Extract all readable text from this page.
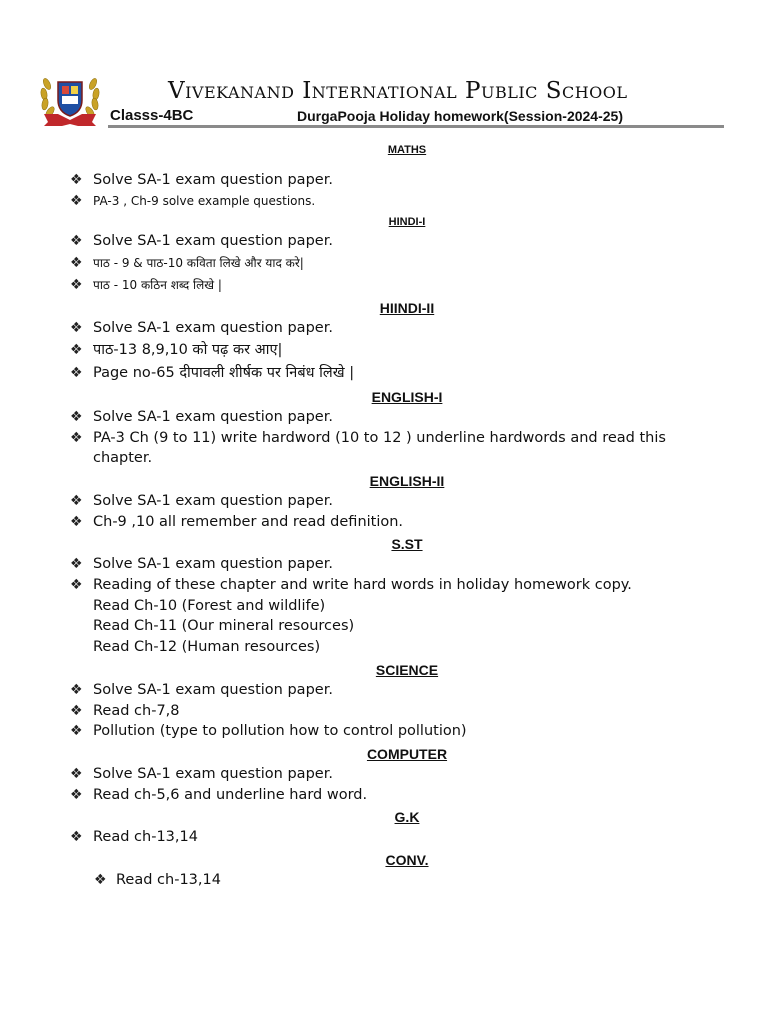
Vivekanand International Public School
Classs-4BC	DurgaPooja Holiday homework(Session-2024-25)
MATHS
❖ Solve SA-1 exam question paper.
❖ PA-3 , Ch-9 solve example questions.
HINDI-I
❖ Solve SA-1 exam question paper.
❖ पाठ - 9 & पाठ-10 कविता लिखे और याद करे|
❖ पाठ - 10 कठिन शब्द लिखे |
HIINDI-II
❖ Solve SA-1 exam question paper.
❖ पाठ-13 8,9,10 को पढ़ कर आए|
❖ Page no-65 दीपावली शीर्षक पर निबंध लिखे |
ENGLISH-I
❖ Solve SA-1 exam question paper.
❖ PA-3 Ch (9 to 11) write hardword (10 to 12 ) underline hardwords and read this chapter.
ENGLISH-II
❖ Solve SA-1 exam question paper.
❖ Ch-9 ,10 all remember and read definition.
S.ST
❖ Solve SA-1 exam question paper.
❖ Reading of these chapter and write hard words in holiday homework copy.
Read Ch-10 (Forest and wildlife)
Read Ch-11 (Our mineral resources)
Read Ch-12 (Human resources)
SCIENCE
❖ Solve SA-1 exam question paper.
❖ Read ch-7,8
❖ Pollution (type to pollution how to control pollution)
COMPUTER
❖ Solve SA-1 exam question paper.
❖ Read ch-5,6 and underline hard word.
G.K
❖ Read ch-13,14
CONV.
❖ Read ch-13,14
